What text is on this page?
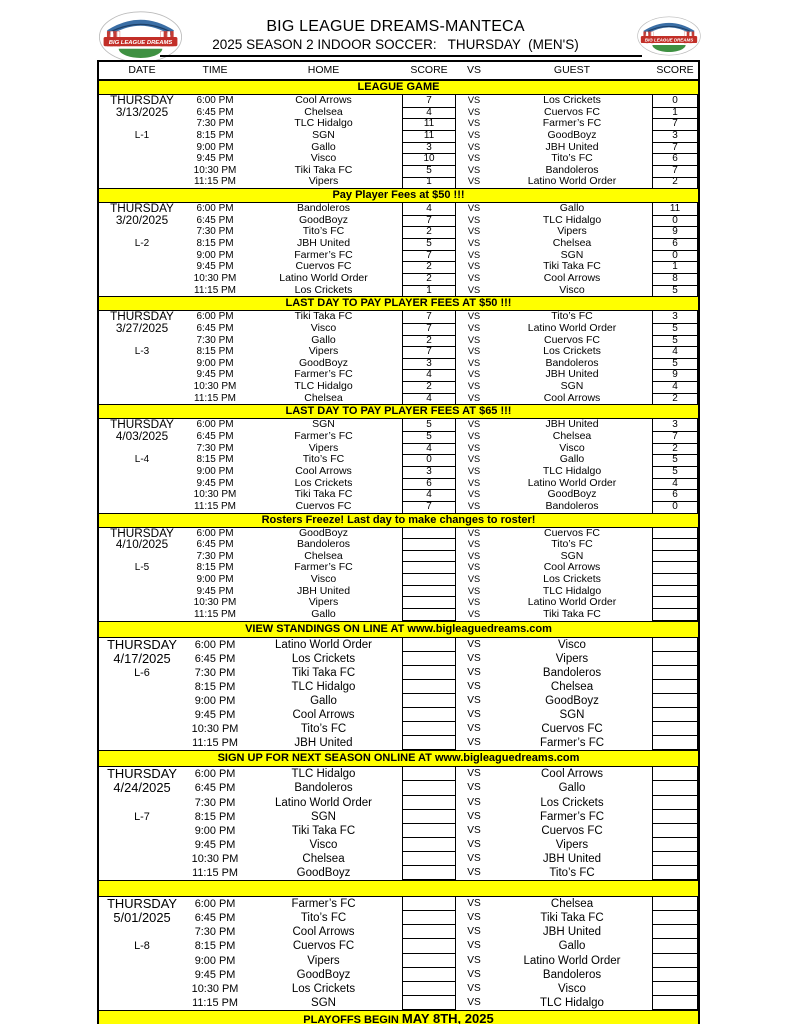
BIG LEAGUE DREAMS
BIG LEAGUE DREAMS
BIG LEAGUE DREAMS-MANTECA
2025 SEASON 2 INDOOR SOCCER:   THURSDAY  (MEN'S)
DATE	TIME	HOME	SCORE	VS	GUEST	SCORE
LEAGUE GAME
THURSDAY
3/13/2025
L-1
6:00 PM	Cool Arrows	7	VS	Los Crickets	0
6:45 PM	Chelsea	4	VS	Cuervos FC	1
7:30 PM	TLC Hidalgo	11	VS	Farmer’s FC	7
8:15 PM	SGN	11	VS	GoodBoyz	3
9:00 PM	Gallo	3	VS	JBH United	7
9:45 PM	Visco	10	VS	Tito’s FC	6
10:30 PM	Tiki Taka FC	5	VS	Bandoleros	7
11:15 PM	Vipers	1	VS	Latino World Order	2
Pay Player Fees at $50 !!!
THURSDAY
3/20/2025
L-2
6:00 PM	Bandoleros	4	VS	Gallo	11
6:45 PM	GoodBoyz	7	VS	TLC Hidalgo	0
7:30 PM	Tito’s FC	2	VS	Vipers	9
8:15 PM	JBH United	5	VS	Chelsea	6
9:00 PM	Farmer’s FC	7	VS	SGN	0
9:45 PM	Cuervos FC	2	VS	Tiki Taka FC	1
10:30 PM	Latino World Order	2	VS	Cool Arrows	8
11:15 PM	Los Crickets	1	VS	Visco	5
LAST DAY TO PAY PLAYER FEES AT $50 !!!
THURSDAY
3/27/2025
L-3
6:00 PM	Tiki Taka FC	7	VS	Tito’s FC	3
6:45 PM	Visco	7	VS	Latino World Order	5
7:30 PM	Gallo	2	VS	Cuervos FC	5
8:15 PM	Vipers	7	VS	Los Crickets	4
9:00 PM	GoodBoyz	3	VS	Bandoleros	5
9:45 PM	Farmer’s FC	4	VS	JBH United	9
10:30 PM	TLC Hidalgo	2	VS	SGN	4
11:15 PM	Chelsea	4	VS	Cool Arrows	2
LAST DAY TO PAY PLAYER FEES AT $65 !!!
THURSDAY
4/03/2025
L-4
6:00 PM	SGN	5	VS	JBH United	3
6:45 PM	Farmer’s FC	5	VS	Chelsea	7
7:30 PM	Vipers	4	VS	Visco	2
8:15 PM	Tito’s FC	0	VS	Gallo	5
9:00 PM	Cool Arrows	3	VS	TLC Hidalgo	5
9:45 PM	Los Crickets	6	VS	Latino World Order	4
10:30 PM	Tiki Taka FC	4	VS	GoodBoyz	6
11:15 PM	Cuervos FC	7	VS	Bandoleros	0
Rosters Freeze! Last day to make changes to roster!
THURSDAY
4/10/2025
L-5
6:00 PM	GoodBoyz	VS	Cuervos FC
6:45 PM	Bandoleros	VS	Tito’s FC
7:30 PM	Chelsea	VS	SGN
8:15 PM	Farmer’s FC	VS	Cool Arrows
9:00 PM	Visco	VS	Los Crickets
9:45 PM	JBH United	VS	TLC Hidalgo
10:30 PM	Vipers	VS	Latino World Order
11:15 PM	Gallo	VS	Tiki Taka FC
VIEW STANDINGS ON LINE AT www.bigleaguedreams.com
THURSDAY
4/17/2025
L-6
6:00 PM	Latino World Order	VS	Visco
6:45 PM	Los Crickets	VS	Vipers
7:30 PM	Tiki Taka FC	VS	Bandoleros
8:15 PM	TLC Hidalgo	VS	Chelsea
9:00 PM	Gallo	VS	GoodBoyz
9:45 PM	Cool Arrows	VS	SGN
10:30 PM	Tito’s FC	VS	Cuervos FC
11:15 PM	JBH United	VS	Farmer’s FC
SIGN UP FOR NEXT SEASON ONLINE AT www.bigleaguedreams.com
THURSDAY
4/24/2025
L-7
6:00 PM	TLC Hidalgo	VS	Cool Arrows
6:45 PM	Bandoleros	VS	Gallo
7:30 PM	Latino World Order	VS	Los Crickets
8:15 PM	SGN	VS	Farmer’s FC
9:00 PM	Tiki Taka FC	VS	Cuervos FC
9:45 PM	Visco	VS	Vipers
10:30 PM	Chelsea	VS	JBH United
11:15 PM	GoodBoyz	VS	Tito’s FC
THURSDAY
5/01/2025
L-8
6:00 PM	Farmer’s FC	VS	Chelsea
6:45 PM	Tito’s FC	VS	Tiki Taka FC
7:30 PM	Cool Arrows	VS	JBH United
8:15 PM	Cuervos FC	VS	Gallo
9:00 PM	Vipers	VS	Latino World Order
9:45 PM	GoodBoyz	VS	Bandoleros
10:30 PM	Los Crickets	VS	Visco
11:15 PM	SGN	VS	TLC Hidalgo
PLAYOFFS BEGIN MAY 8TH, 2025
